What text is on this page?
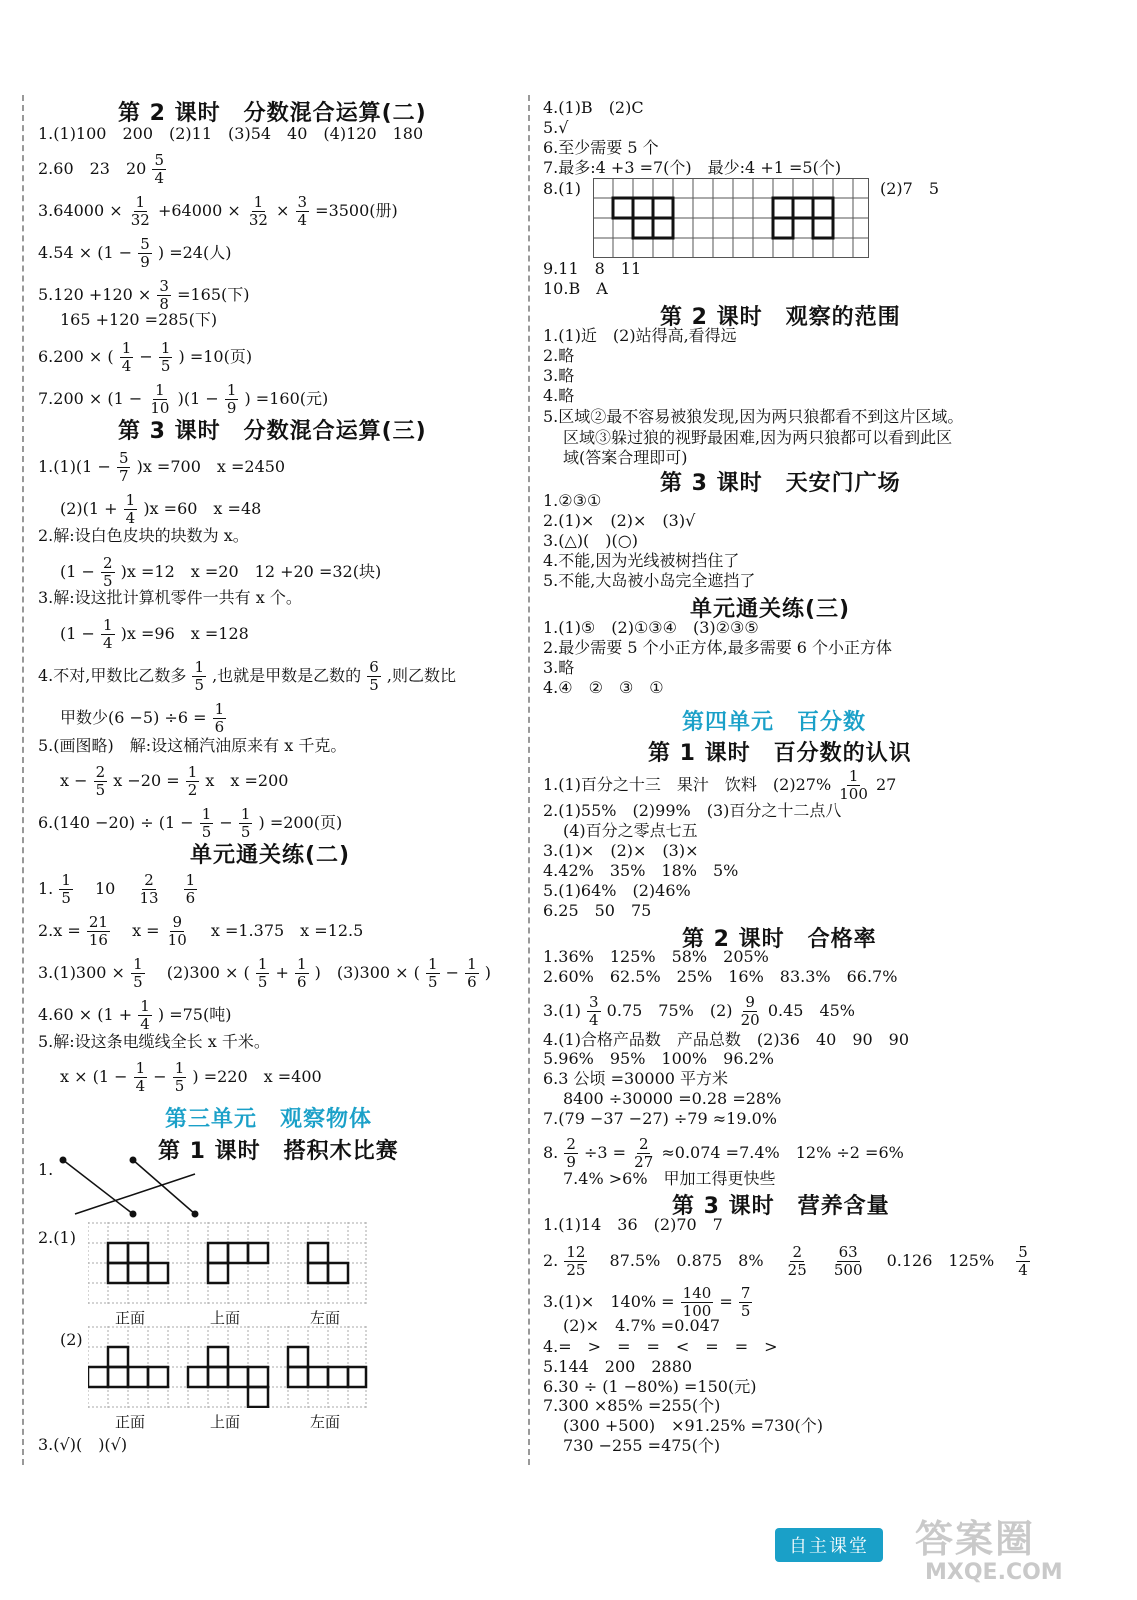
第 2 课时　分数混合运算(二)
1.(1)100　200　(2)11　(3)54　40　(4)120　180
2.60　23　$20 \frac{5}{4}$
$3.64000 \times \frac{1}{32} +64000 \times \frac{1}{32} \times \frac{3}{4} =3500$(册)
$4.54 \times (1 - \frac{5}{9}$ ) =24(人)
$5.120 +120 \times \frac{3}{8} =165$(下)
165 +120 =285(下)
6.200 × ( $\frac{1}{4} - \frac{1}{5}$ ) =10(页)
$7.200 \times (1 - \frac{1}{10} )(1 - \frac{1}{9}$ ) =160(元)
第 3 课时　分数混合运算(三)
$1.(1)(1 - \frac{5}{7} )x =700$　x =2450
$(2)(1 + \frac{1}{4} )x =60$　x =48
2.解:设白色皮块的块数为 x。
$(1 - \frac{2}{5} )x =12$　x =20　12 +20 =32(块)
3.解:设这批计算机零件一共有 x 个。
$(1 - \frac{1}{4} )x =96$　x =128
4.不对,甲数比乙数多 $\frac{1}{5}$ ,也就是甲数是乙数的 $\frac{6}{5}$ ,则乙数比
甲数少$(6 -5) \div 6 = \frac{1}{6}$
5.(画图略)　解:设这桶汽油原来有 x 千克。
$x - \frac{2}{5}$ $x -20 = \frac{1}{2}$ x　x =200
$6.(140 -20) \div (1 - \frac{1}{5} - \frac{1}{5}$ ) =200(页)
单元通关练(二)
1. $\frac{1}{5}$
　 10　 $\frac{2}{13}$
　 $\frac{1}{6}$
$2.x = \frac{21}{16}$
　 $x = \frac{9}{10}$
　 x =1.375　x =12.5
$3.(1)300 \times \frac{1}{5}$
　 (2)300 × ( $\frac{1}{5} + \frac{1}{6}$ )　(3)300 × ( $\frac{1}{5} - \frac{1}{6}$ )
$4.60 \times (1 + \frac{1}{4}$ ) =75(吨)
5.解:设这条电缆线全长 x 千米。
$x \times (1 - \frac{1}{4} - \frac{1}{5}$ ) =220　x =400
第三单元　观察物体
第 1 课时　搭积木比赛
1.
2.(1)
正面	上面	左面
(2)
正面	上面	左面
3.(√)(　)(√)
4.(1)B　(2)C
5.√
6.至少需要 5 个
7.最多:4 +3 =7(个)　最少:4 +1 =5(个)
8.(1)	(2)7　5
9.11　8　11
10.B　A
第 2 课时　观察的范围
1.(1)近　(2)站得高,看得远
2.略
3.略
4.略
5.区域②最不容易被狼发现,因为两只狼都看不到这片区域。
区域③躲过狼的视野最困难,因为两只狼都可以看到此区
域(答案合理即可)
第 3 课时　天安门广场
1.②③①
2.(1)×　(2)×　(3)√
3.(△)(　)(○)
4.不能,因为光线被树挡住了
5.不能,大岛被小岛完全遮挡了
单元通关练(三)
1.(1)⑤　(2)①③④　(3)②③⑤
2.最少需要 5 个小正方体,最多需要 6 个小正方体
3.略
4.④　②　③　①
第四单元　百分数
第 1 课时　百分数的认识
1.(1)百分之十三　果汁　饮料　$(2)27\% \frac{1}{100} 27$
2.(1)55%　(2)99%　(3)百分之十二点八
(4)百分之零点七五
3.(1)×　(2)×　(3)×
4.42%　35%　18%　5%
5.(1)64%　(2)46%
6.25　50　75
第 2 课时　合格率
1.36%　125%　58%　205%
2.60%　62.5%　25%　16%　83.3%　66.7%
$3.(1) \frac{3}{4} 0.75$　75%　$(2) \frac{9}{20} 0.45$　45%
4.(1)合格产品数　产品总数　(2)36　40　90　90
5.96%　95%　100%　96.2%
6.3 公顷 =30000 平方米
8400 ÷30000 =0.28 =28%
7.(79 −37 −27) ÷79 ≈19.0%
8. $\frac{2}{9} \div 3 = \frac{2}{27} \approx 0.074 =7.4\%$　12% ÷2 =6%
7.4% >6%　甲加工得更快些
第 3 课时　营养含量
1.(1)14　36　(2)70　7
2. $\frac{12}{25}$
　 87.5%　0.875　8%　 $\frac{2}{25}$
　 $\frac{63}{500}$
　 0.126　125%　 $\frac{5}{4}$
3.(1)×　$140\% = \frac{140}{100} = \frac{7}{5}$
(2)×　4.7% =0.047
4.=　>　=　=　<　=　=　>
5.144　200　2880
6.30 ÷ (1 −80%) =150(元)
7.300 ×85% =255(个)
(300 +500)　×91.25% =730(个)
730 −255 =475(个)
自主课堂	答案圈
MXQE.COM
